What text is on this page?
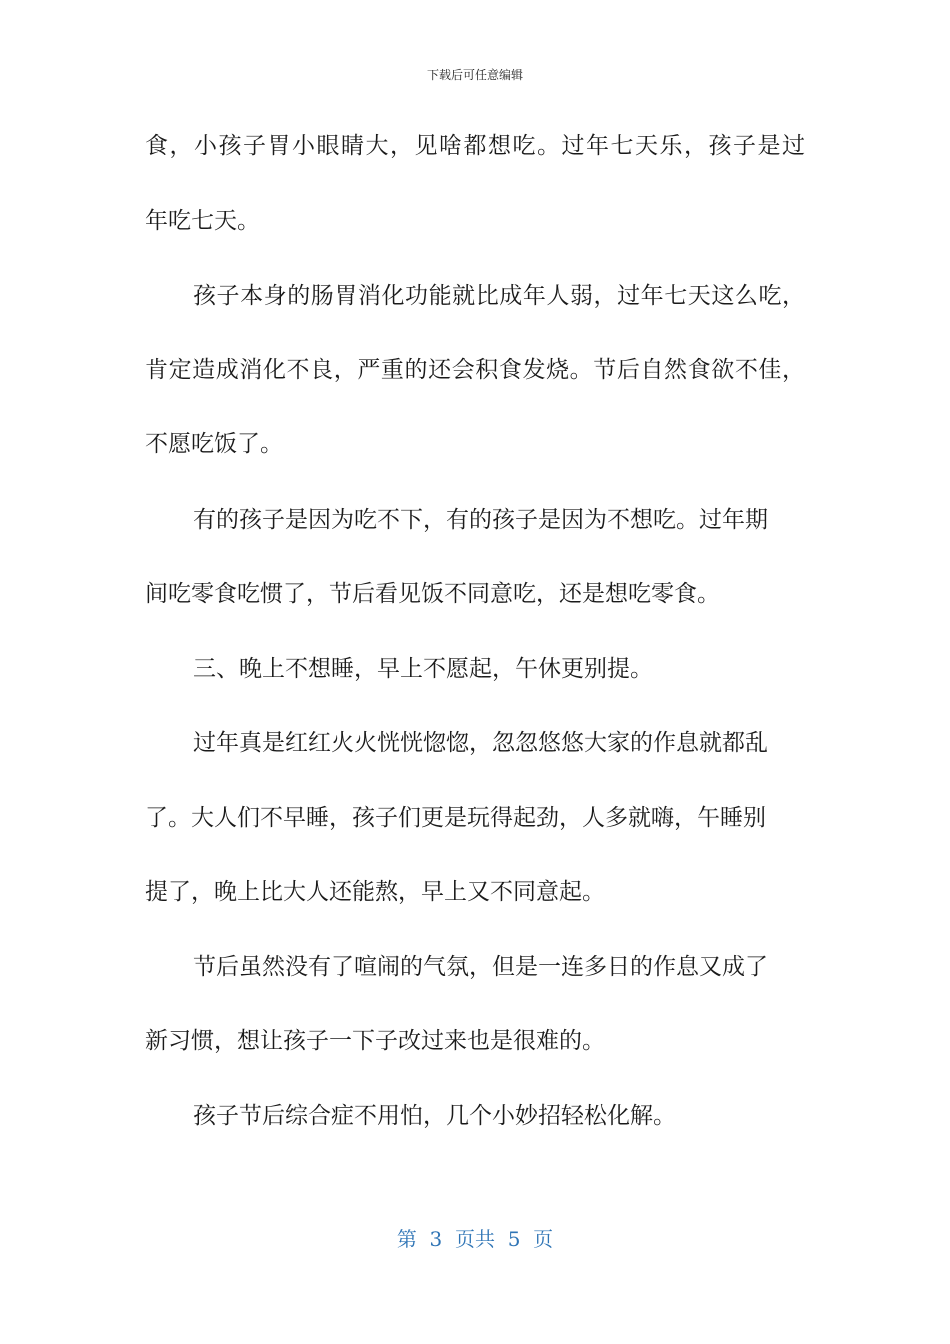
下载后可任意编辑
食，小孩子胃小眼睛大，见啥都想吃。过年七天乐，孩子是过
年吃七天。
孩子本身的肠胃消化功能就比成年人弱，过年七天这么吃，
肯定造成消化不良，严重的还会积食发烧。节后自然食欲不佳，
不愿吃饭了。
有的孩子是因为吃不下，有的孩子是因为不想吃。过年期
间吃零食吃惯了，节后看见饭不同意吃，还是想吃零食。
三、晚上不想睡，早上不愿起，午休更别提。
过年真是红红火火恍恍惚惚，忽忽悠悠大家的作息就都乱
了。大人们不早睡，孩子们更是玩得起劲，人多就嗨，午睡别
提了，晚上比大人还能熬，早上又不同意起。
节后虽然没有了喧闹的气氛，但是一连多日的作息又成了
新习惯，想让孩子一下子改过来也是很难的。
孩子节后综合症不用怕，几个小妙招轻松化解。
第  3  页共  5  页
